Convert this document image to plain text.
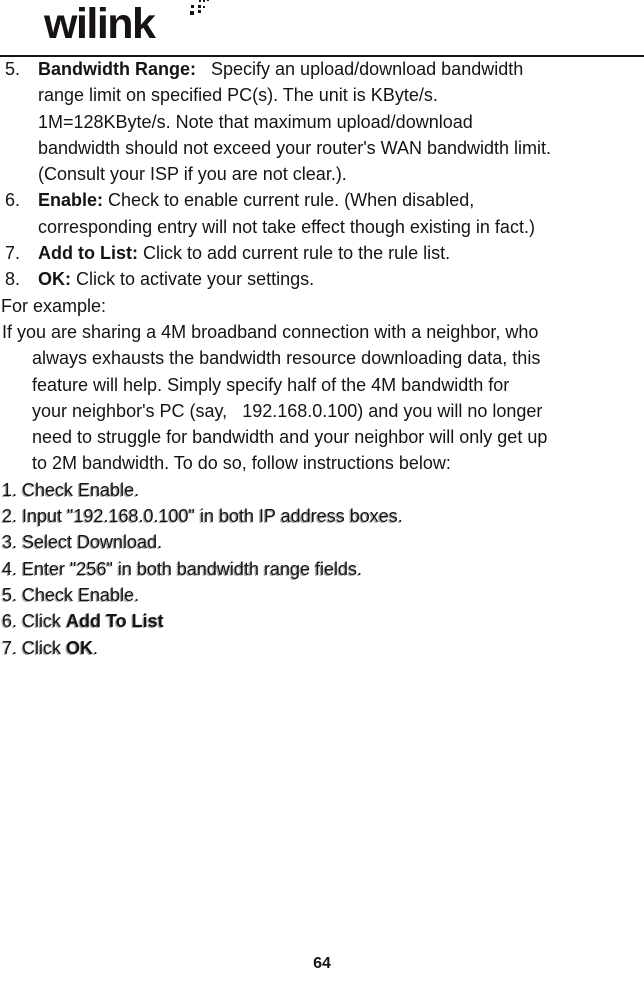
wilink
5. Bandwidth Range:   Specify an upload/download bandwidth
range limit on specified PC(s). The unit is KByte/s.
1M=128KByte/s. Note that maximum upload/download
bandwidth should not exceed your router's WAN bandwidth limit.
(Consult your ISP if you are not clear.).
6. Enable: Check to enable current rule. (When disabled,
corresponding entry will not take effect though existing in fact.)
7. Add to List: Click to add current rule to the rule list.
8. OK: Click to activate your settings.
For example:
If you are sharing a 4M broadband connection with a neighbor, who
always exhausts the bandwidth resource downloading data, this
feature will help. Simply specify half of the 4M bandwidth for
your neighbor's PC (say,   192.168.0.100) and you will no longer
need to struggle for bandwidth and your neighbor will only get up
to 2M bandwidth. To do so, follow instructions below:
1. Check Enable.
2. Input "192.168.0.100" in both IP address boxes.
3. Select Download.
4. Enter "256" in both bandwidth range fields.
5. Check Enable.
6. Click Add To List
7. Click OK.
64
